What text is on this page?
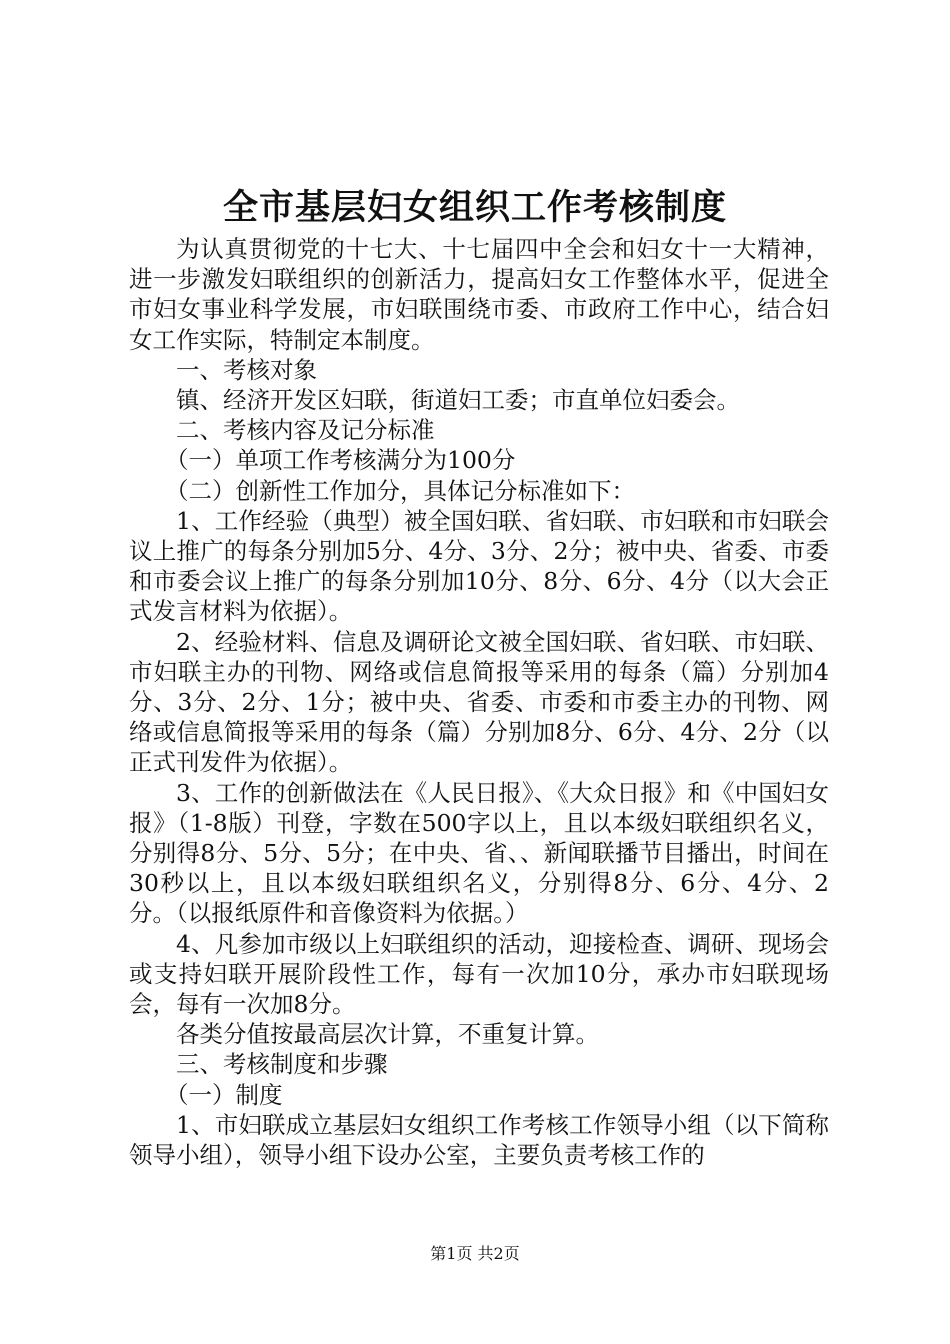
全市基层妇女组织工作考核制度

为认真贯彻党的十七大、十七届四中全会和妇女十一大精神，进一步激发妇联组织的创新活力，提高妇女工作整体水平，促进全市妇女事业科学发展，市妇联围绕市委、市政府工作中心，结合妇女工作实际，特制定本制度。

一、考核对象

镇、经济开发区妇联，街道妇工委；市直单位妇委会。

二、考核内容及记分标准

（一）单项工作考核满分为100分

（二）创新性工作加分，具体记分标准如下：

1、工作经验（典型）被全国妇联、省妇联、市妇联和市妇联会议上推广的每条分别加5分、4分、3分、2分；被中央、省委、市委和市委会议上推广的每条分别加10分、8分、6分、4分（以大会正式发言材料为依据）。

2、经验材料、信息及调研论文被全国妇联、省妇联、市妇联、市妇联主办的刊物、网络或信息简报等采用的每条（篇）分别加4分、3分、2分、1分；被中央、省委、市委和市委主办的刊物、网络或信息简报等采用的每条（篇）分别加8分、6分、4分、2分（以正式刊发件为依据）。

3、工作的创新做法在《人民日报》、《大众日报》和《中国妇女报》（1-8版）刊登，字数在500字以上，且以本级妇联组织名义，分别得8分、5分、5分；在中央、省、、新闻联播节目播出，时间在30秒以上，且以本级妇联组织名义，分别得8分、6分、4分、2分。（以报纸原件和音像资料为依据。）

4、凡参加市级以上妇联组织的活动，迎接检查、调研、现场会或支持妇联开展阶段性工作，每有一次加10分，承办市妇联现场会，每有一次加8分。

各类分值按最高层次计算，不重复计算。

三、考核制度和步骤

（一）制度

1、市妇联成立基层妇女组织工作考核工作领导小组（以下简称领导小组），领导小组下设办公室，主要负责考核工作的

第1页 共2页
